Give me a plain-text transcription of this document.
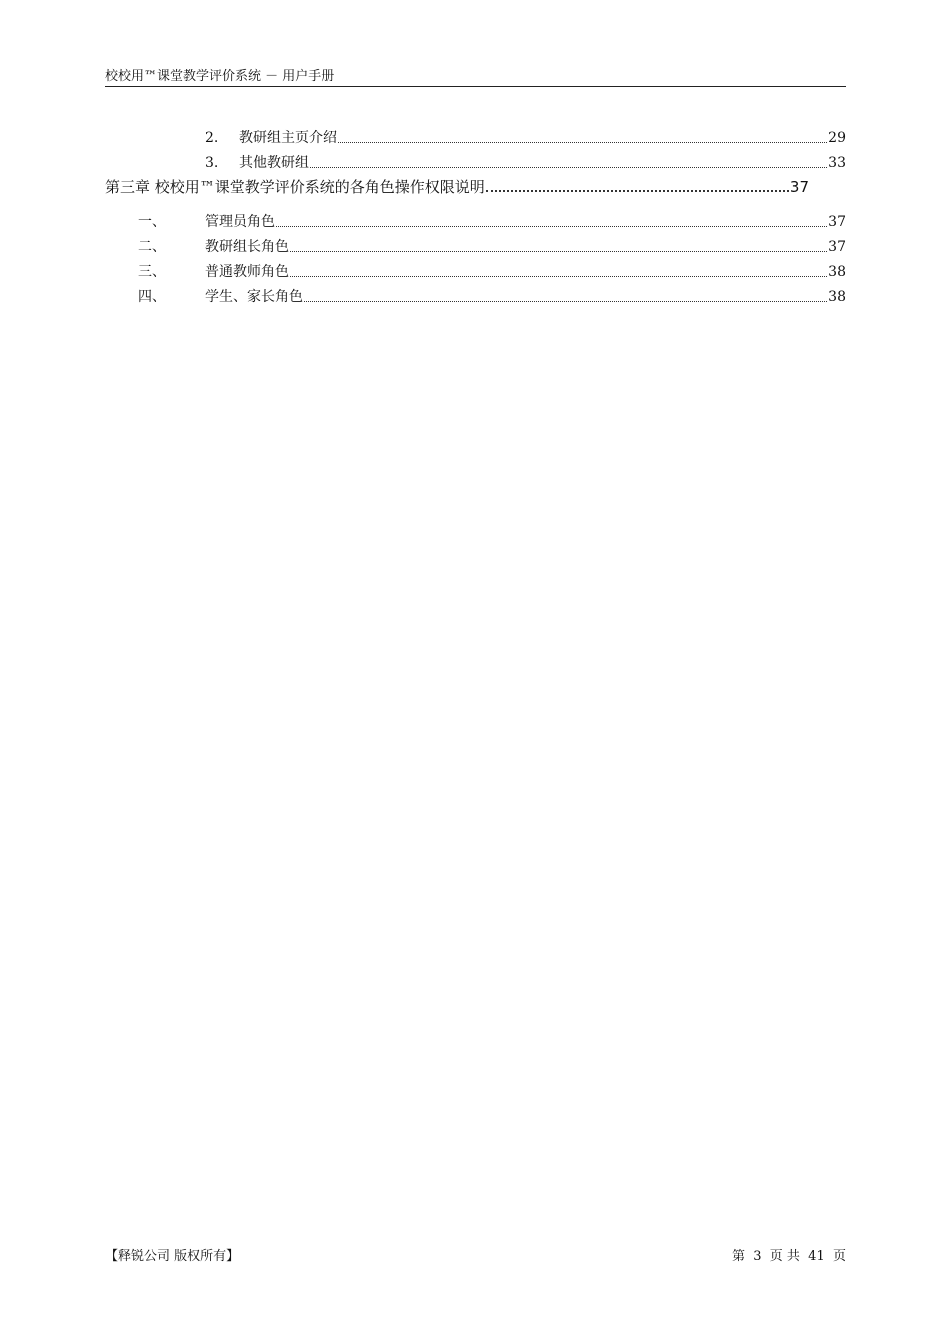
校校用™课堂教学评价系统 － 用户手册
2.	教研组主页介绍	29
3.	其他教研组	33
第三章 校校用™课堂教学评价系统的各角色操作权限说明	37
一、	管理员角色	37
二、	教研组长角色	37
三、	普通教师角色	38
四、	学生、家长角色	38
【释锐公司 版权所有】	第 3 页 共 41 页
